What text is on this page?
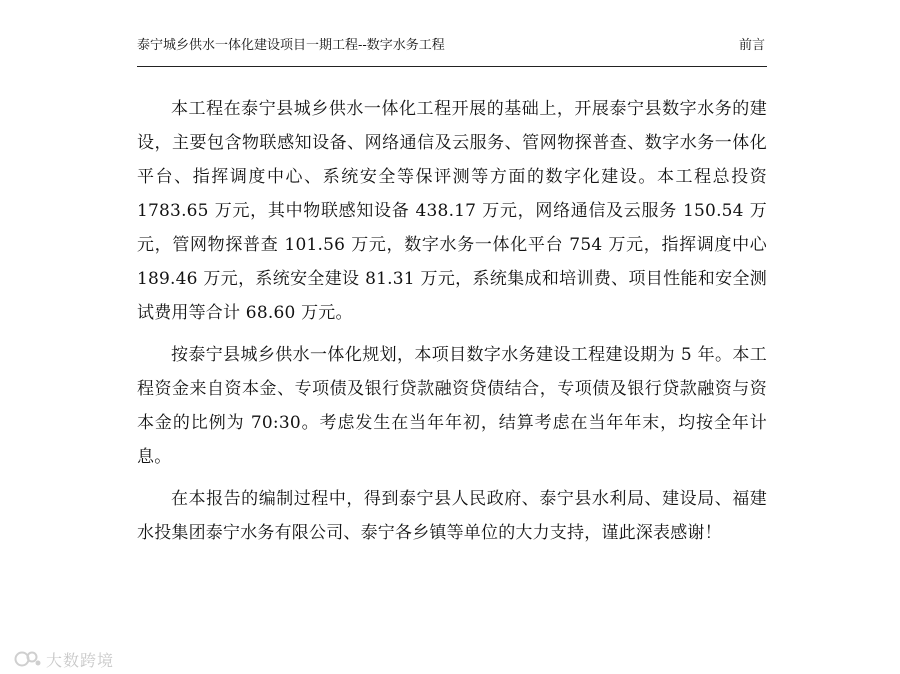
泰宁城乡供水一体化建设项目一期工程--数字水务工程	前言

本工程在泰宁县城乡供水一体化工程开展的基础上，开展泰宁县数字水务的建设，主要包含物联感知设备、网络通信及云服务、管网物探普查、数字水务一体化平台、指挥调度中心、系统安全等保评测等方面的数字化建设。本工程总投资 1783.65 万元，其中物联感知设备 438.17 万元，网络通信及云服务 150.54 万元，管网物探普查 101.56 万元，数字水务一体化平台 754 万元，指挥调度中心 189.46 万元，系统安全建设 81.31 万元，系统集成和培训费、项目性能和安全测试费用等合计 68.60 万元。

按泰宁县城乡供水一体化规划，本项目数字水务建设工程建设期为 5 年。本工程资金来自资本金、专项债及银行贷款融资贷债结合，专项债及银行贷款融资与资本金的比例为 70:30。考虑发生在当年年初，结算考虑在当年年末，均按全年计息。

在本报告的编制过程中，得到泰宁县人民政府、泰宁县水利局、建设局、福建水投集团泰宁水务有限公司、泰宁各乡镇等单位的大力支持，谨此深表感谢！

大数跨境
